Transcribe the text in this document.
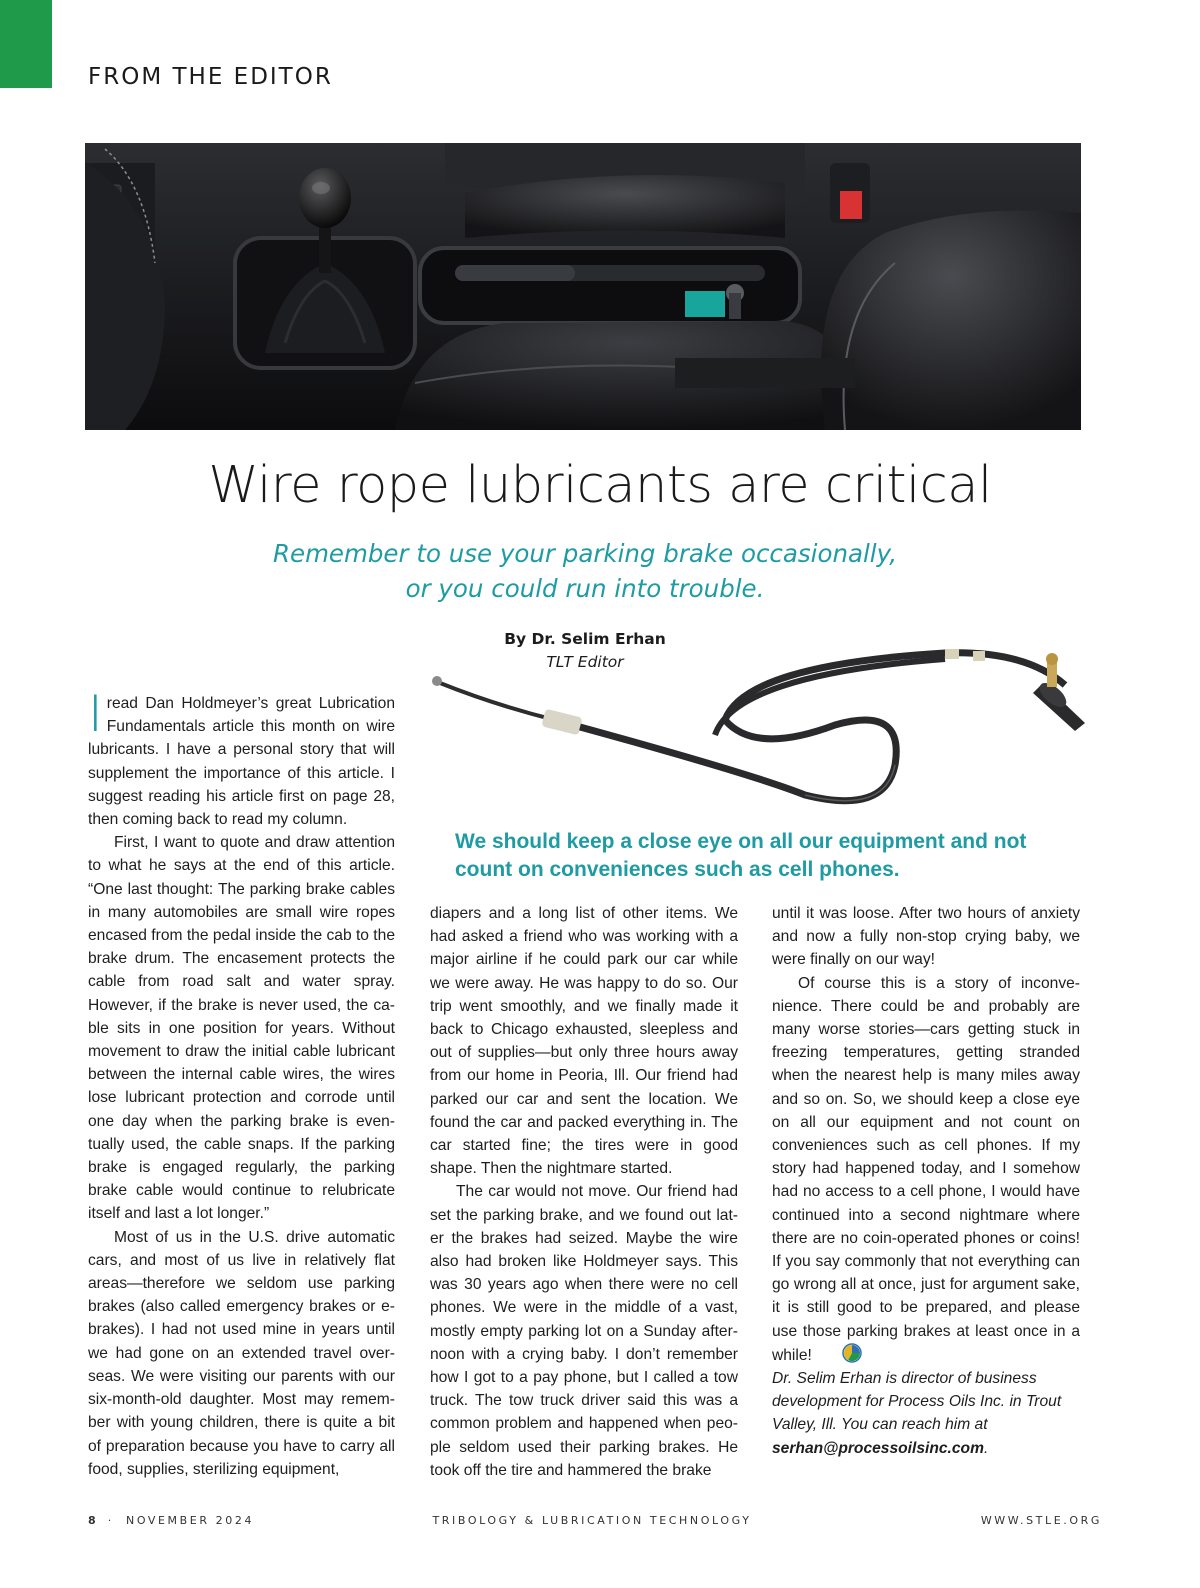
FROM THE EDITOR
Wire rope lubricants are critical
Remember to use your parking brake occasionally,
or you could run into trouble.
By Dr. Selim Erhan
TLT Editor
We should keep a close eye on all our equipment and not count on conveniences such as cell phones.

I read Dan Holdmeyer’s great Lubrication Fundamentals article this month on wire lubricants. I have a personal story that will supplement the importance of this article. I suggest reading his article first on page 28, then coming back to read my column.

First, I want to quote and draw attention to what he says at the end of this article. “One last thought: The parking brake cables in many automobiles are small wire ropes encased from the pedal inside the cab to the brake drum. The encasement protects the cable from road salt and water spray. However, if the brake is never used, the cable sits in one position for years. Without movement to draw the initial cable lubricant between the internal cable wires, the wires lose lubricant protection and corrode until one day when the parking brake is eventually used, the cable snaps. If the parking brake is engaged regularly, the parking brake cable would continue to relubricate itself and last a lot longer.”

Most of us in the U.S. drive automatic cars, and most of us live in relatively flat areas—therefore we seldom use parking brakes (also called emergency brakes or e-brakes). I had not used mine in years until we had gone on an extended travel overseas. We were visiting our parents with our six-month-old daughter. Most may remember with young children, there is quite a bit of preparation because you have to carry all food, supplies, sterilizing equipment,

diapers and a long list of other items. We had asked a friend who was working with a major airline if he could park our car while we were away. He was happy to do so. Our trip went smoothly, and we finally made it back to Chicago exhausted, sleepless and out of supplies—but only three hours away from our home in Peoria, Ill. Our friend had parked our car and sent the location. We found the car and packed everything in. The car started fine; the tires were in good shape. Then the nightmare started.

The car would not move. Our friend had set the parking brake, and we found out later the brakes had seized. Maybe the wire also had broken like Holdmeyer says. This was 30 years ago when there were no cell phones. We were in the middle of a vast, mostly empty parking lot on a Sunday afternoon with a crying baby. I don’t remember how I got to a pay phone, but I called a tow truck. The tow truck driver said this was a common problem and happened when people seldom used their parking brakes. He took off the tire and hammered the brake

until it was loose. After two hours of anxiety and now a fully non-stop crying baby, we were finally on our way!

Of course this is a story of inconvenience. There could be and probably are many worse stories—cars getting stuck in freezing temperatures, getting stranded when the nearest help is many miles away and so on. So, we should keep a close eye on all our equipment and not count on conveniences such as cell phones. If my story had happened today, and I somehow had no access to a cell phone, I would have continued into a second nightmare where there are no coin-operated phones or coins! If you say commonly that not everything can go wrong all at once, just for argument sake, it is still good to be prepared, and please use those parking brakes at least once in a while!

Dr. Selim Erhan is director of business development for Process Oils Inc. in Trout Valley, Ill. You can reach him at serhan@processoilsinc.com.

8 · NOVEMBER 2024	TRIBOLOGY & LUBRICATION TECHNOLOGY	WWW.STLE.ORG
